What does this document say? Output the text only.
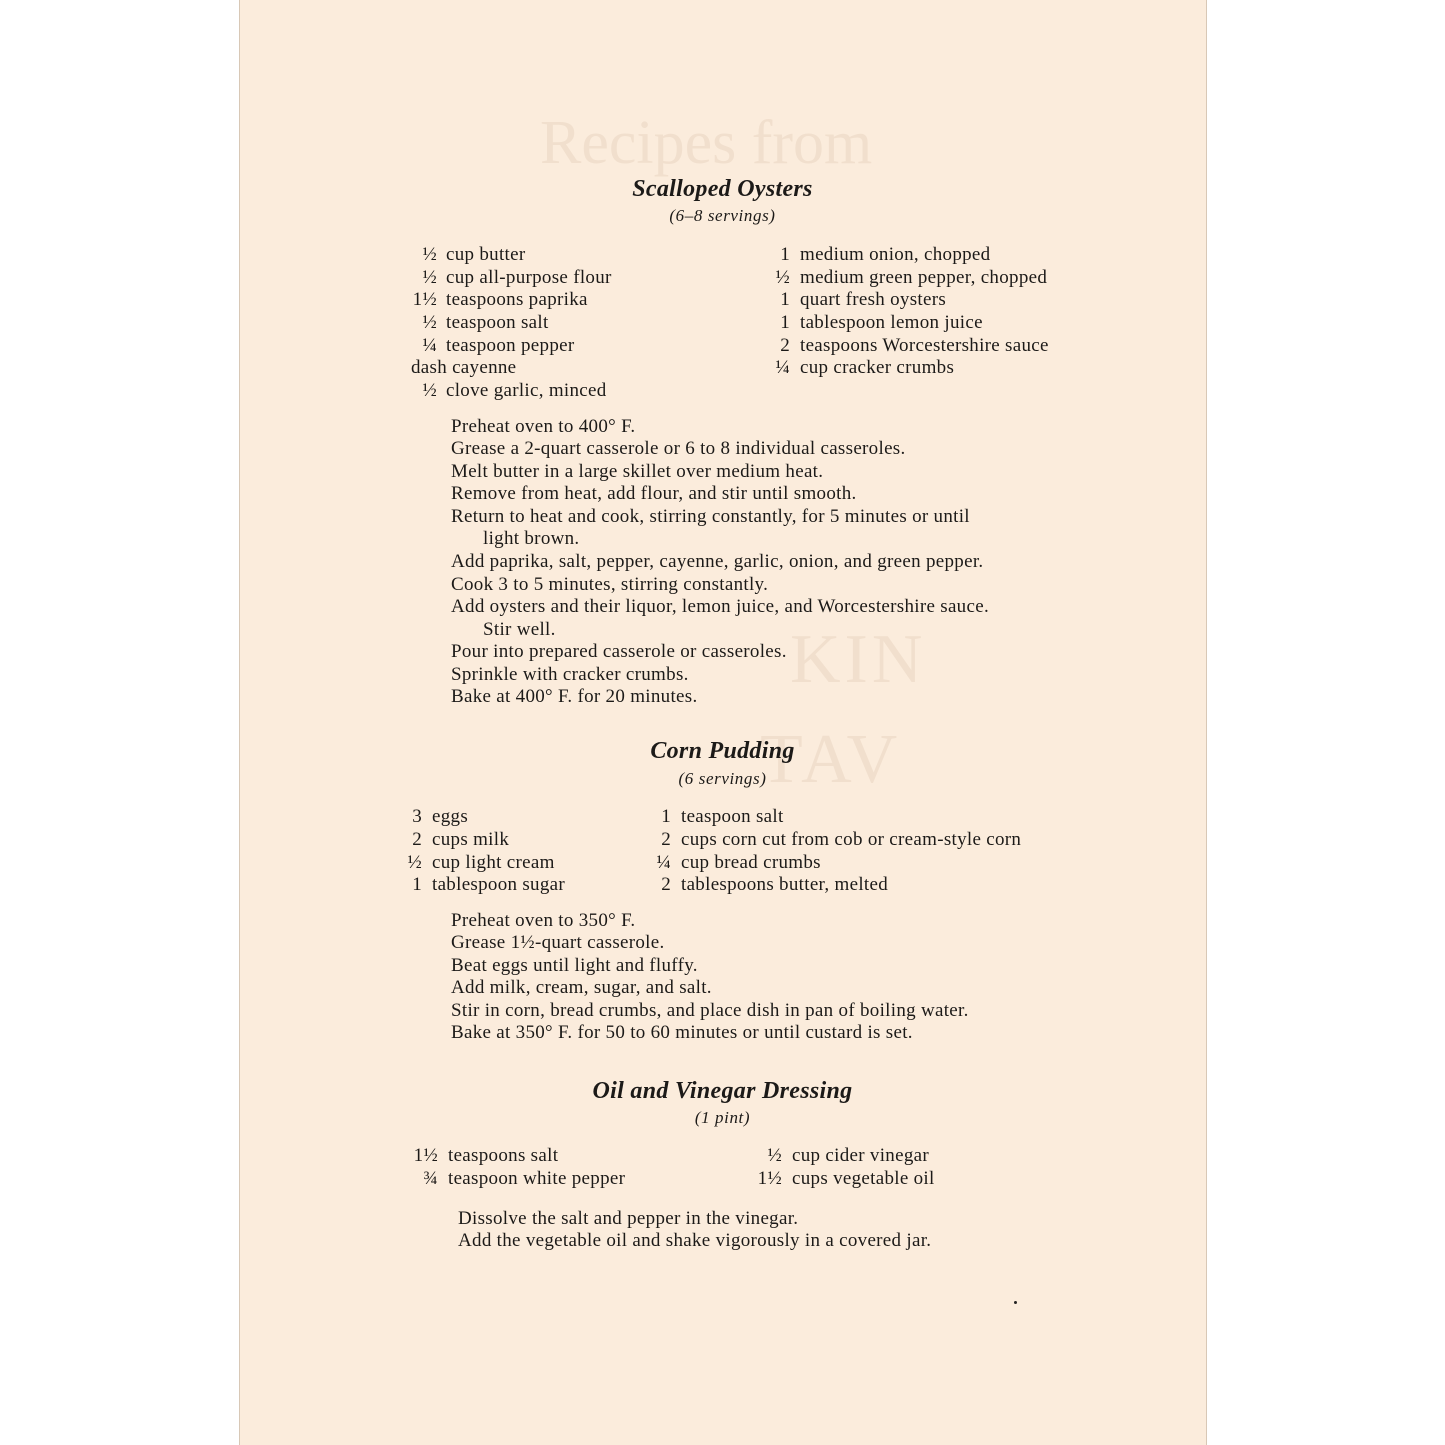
Recipes from
KIN
TAV
Scalloped Oysters
(6–8 servings)
½ cup butter
½ cup all-purpose flour
1½ teaspoons paprika
½ teaspoon salt
¼ teaspoon pepper
dash cayenne
½ clove garlic, minced
1 medium onion, chopped
½ medium green pepper, chopped
1 quart fresh oysters
1 tablespoon lemon juice
2 teaspoons Worcestershire sauce
¼ cup cracker crumbs
Preheat oven to 400° F.
Grease a 2-quart casserole or 6 to 8 individual casseroles.
Melt butter in a large skillet over medium heat.
Remove from heat, add flour, and stir until smooth.
Return to heat and cook, stirring constantly, for 5 minutes or until
light brown.
Add paprika, salt, pepper, cayenne, garlic, onion, and green pepper.
Cook 3 to 5 minutes, stirring constantly.
Add oysters and their liquor, lemon juice, and Worcestershire sauce.
Stir well.
Pour into prepared casserole or casseroles.
Sprinkle with cracker crumbs.
Bake at 400° F. for 20 minutes.
Corn Pudding
(6 servings)
3 eggs
2 cups milk
½ cup light cream
1 tablespoon sugar
1 teaspoon salt
2 cups corn cut from cob or cream-style corn
¼ cup bread crumbs
2 tablespoons butter, melted
Preheat oven to 350° F.
Grease 1½-quart casserole.
Beat eggs until light and fluffy.
Add milk, cream, sugar, and salt.
Stir in corn, bread crumbs, and place dish in pan of boiling water.
Bake at 350° F. for 50 to 60 minutes or until custard is set.
Oil and Vinegar Dressing
(1 pint)
1½ teaspoons salt
¾ teaspoon white pepper
½ cup cider vinegar
1½ cups vegetable oil
Dissolve the salt and pepper in the vinegar.
Add the vegetable oil and shake vigorously in a covered jar.
